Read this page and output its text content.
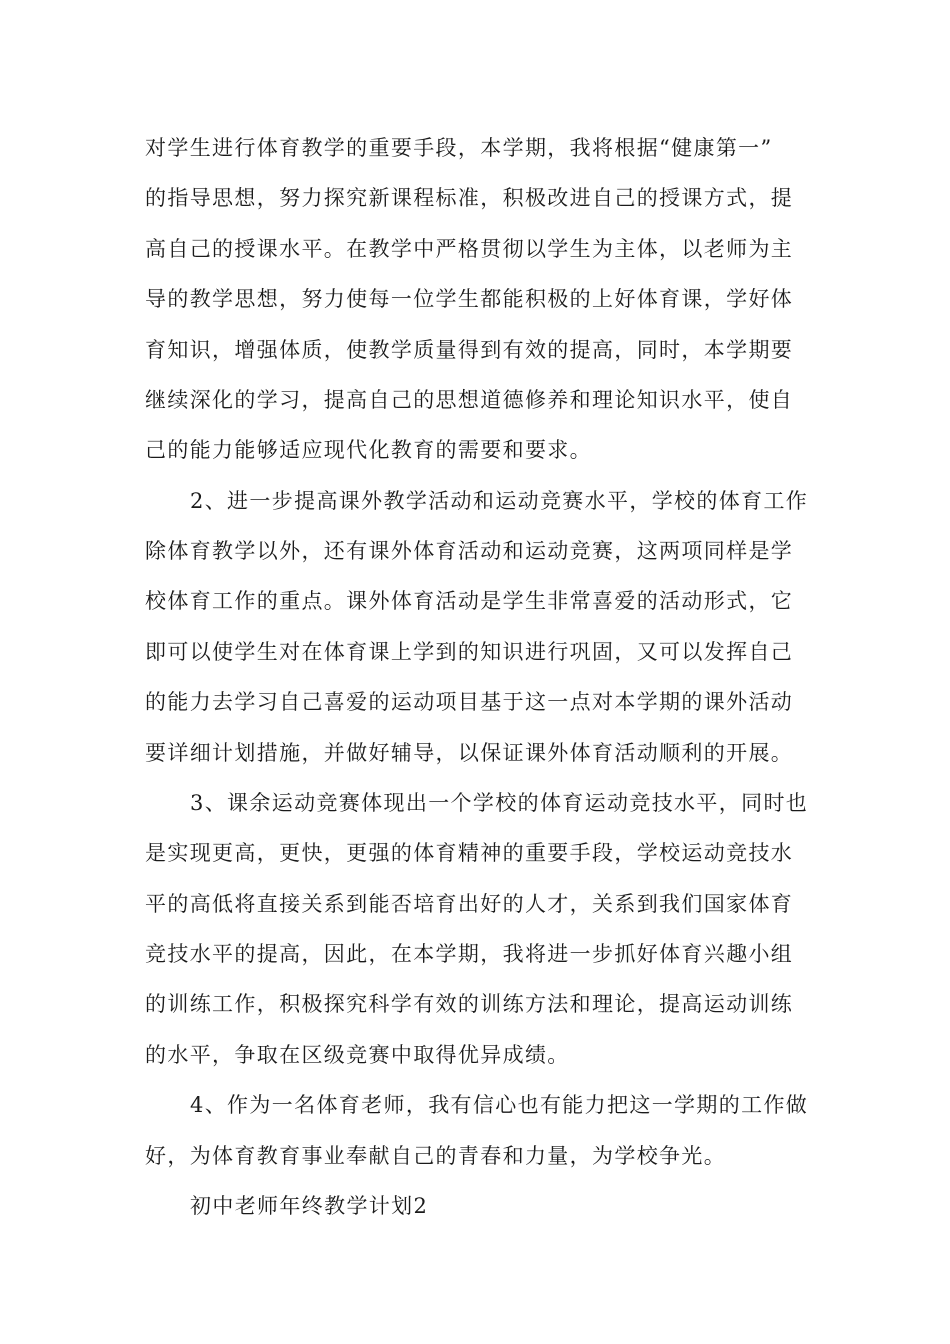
对学生进行体育教学的重要手段，本学期，我将根据“健康第一”
的指导思想，努力探究新课程标准，积极改进自己的授课方式，提
高自己的授课水平。在教学中严格贯彻以学生为主体，以老师为主
导的教学思想，努力使每一位学生都能积极的上好体育课，学好体
育知识，增强体质，使教学质量得到有效的提高，同时，本学期要
继续深化的学习，提高自己的思想道德修养和理论知识水平，使自
己的能力能够适应现代化教育的需要和要求。
2、进一步提高课外教学活动和运动竞赛水平，学校的体育工作
除体育教学以外，还有课外体育活动和运动竞赛，这两项同样是学
校体育工作的重点。课外体育活动是学生非常喜爱的活动形式，它
即可以使学生对在体育课上学到的知识进行巩固，又可以发挥自己
的能力去学习自己喜爱的运动项目基于这一点对本学期的课外活动
要详细计划措施，并做好辅导，以保证课外体育活动顺利的开展。
3、课余运动竞赛体现出一个学校的体育运动竞技水平，同时也
是实现更高，更快，更强的体育精神的重要手段，学校运动竞技水
平的高低将直接关系到能否培育出好的人才，关系到我们国家体育
竞技水平的提高，因此，在本学期，我将进一步抓好体育兴趣小组
的训练工作，积极探究科学有效的训练方法和理论，提高运动训练
的水平，争取在区级竞赛中取得优异成绩。
4、作为一名体育老师，我有信心也有能力把这一学期的工作做
好，为体育教育事业奉献自己的青春和力量，为学校争光。
初中老师年终教学计划2
